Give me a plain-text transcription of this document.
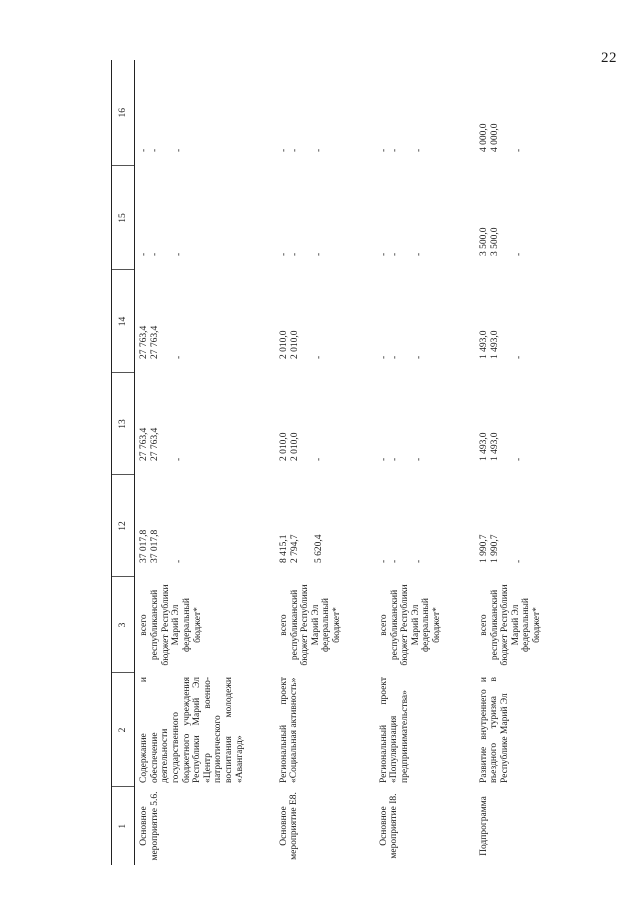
22
1	2	3	12	13	14	15	16
Основное мероприятие 5.6.	Содержание и обеспечение деятельности государственного бюджетного учреждения Республики Марий Эл «Центр военно-патриотического воспитания молодежи «Авангард»	всего республиканский бюджет Республики Марий Эл федеральный бюджет*	37 017,8 37 017,8 -	27 763,4 27 763,4 -	27 763,4 27 763,4 -	- - -	- - -

Основное мероприятие Е8.	Региональный проект «Социальная активность»	всего республиканский бюджет Республики Марий Эл федеральный бюджет*	8 415,1 2 794,7 5 620,4	2 010,0 2 010,0 -	2 010,0 2 010,0 -	- - -	- - -

Основное мероприятие I8.	Региональный проект «Популяризация предпринимательства»	всего республиканский бюджет Республики Марий Эл федеральный бюджет*	- - -	- - -	- - -	- - -	- - -

Подпрограмма	Развитие внутреннего и въездного туризма в Республике Марий Эл	всего республиканский бюджет Республики Марий Эл федеральный бюджет*	1 990,7 1 990,7 -	1 493,0 1 493,0 -	1 493,0 1 493,0 -	3 500,0 3 500,0 -	4 000,0 4 000,0 -
